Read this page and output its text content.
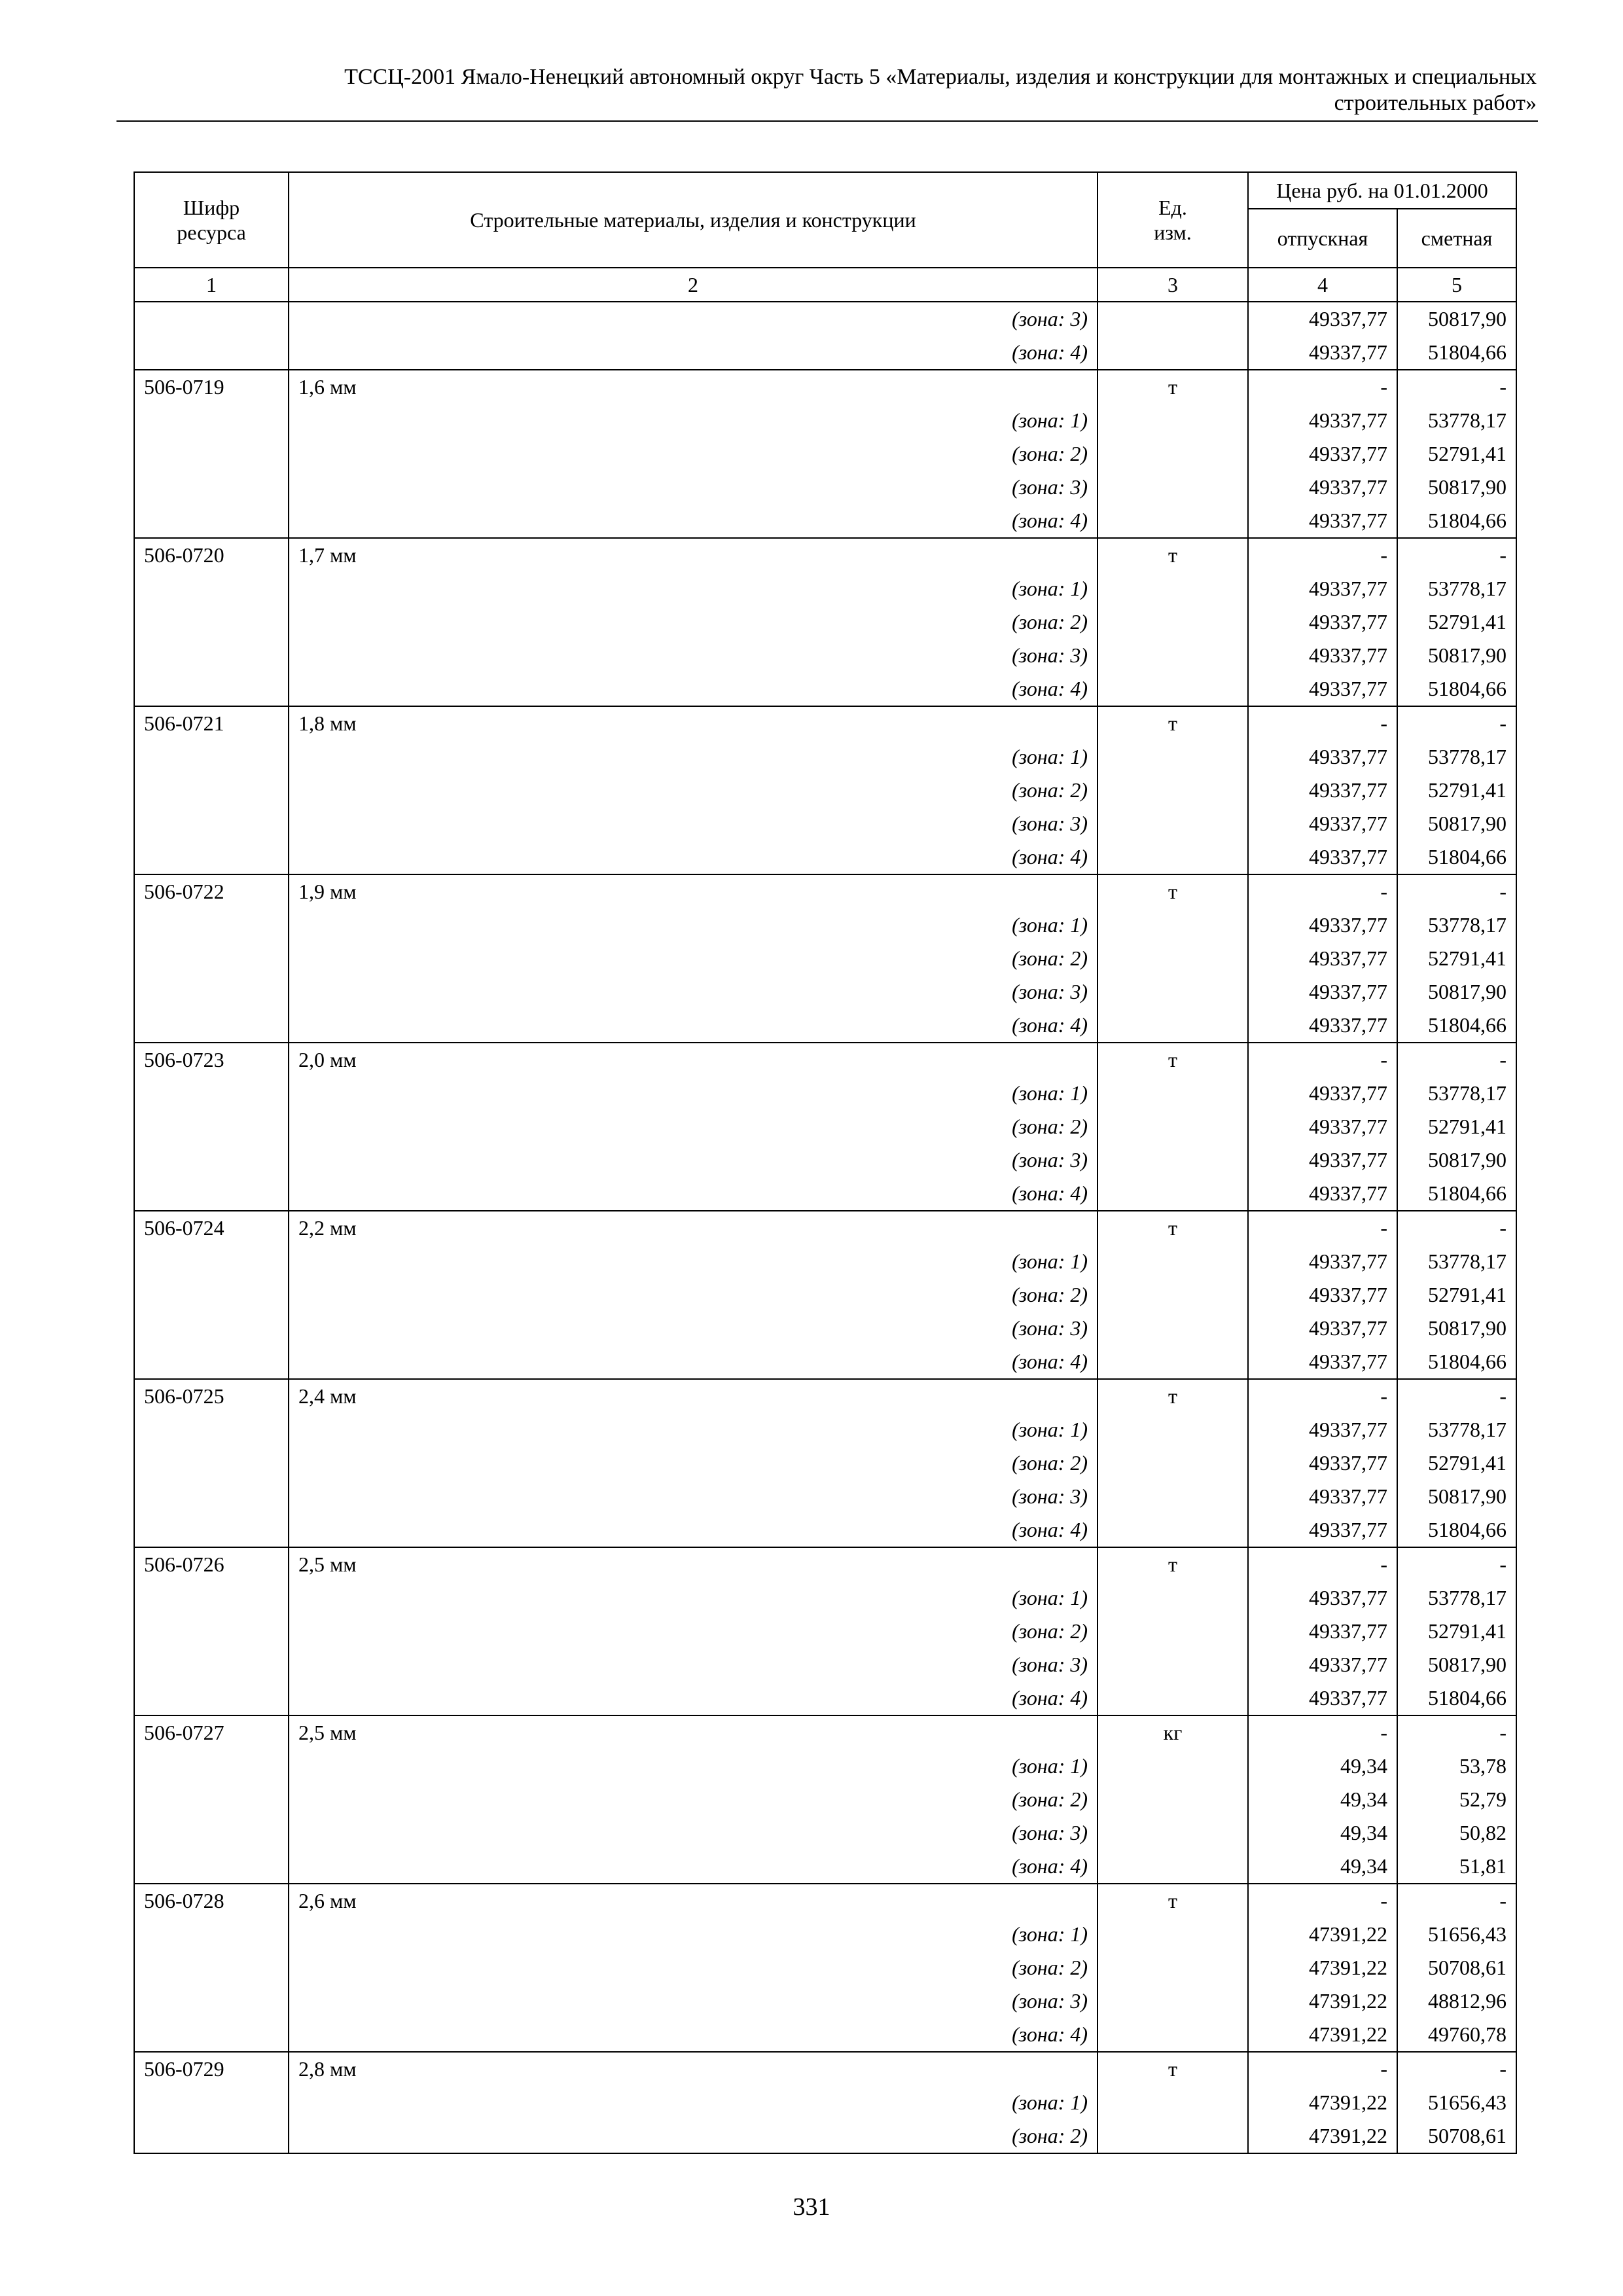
ТССЦ-2001 Ямало-Ненецкий автономный округ Часть 5 «Материалы, изделия и конструкции для монтажных и специальных
строительных работ»
Шифр ресурса	Строительные материалы, изделия и конструкции	Ед. изм.	Цена руб. на 01.01.2000	
			отпускная	сметная
1	2	3	4	5
	(зона: 3)		49337,77	50817,90
	(зона: 4)		49337,77	51804,66
506-0719	1,6 мм	т	-	-
	(зона: 1)		49337,77	53778,17
	(зона: 2)		49337,77	52791,41
	(зона: 3)		49337,77	50817,90
	(зона: 4)		49337,77	51804,66
506-0720	1,7 мм	т	-	-
	(зона: 1)		49337,77	53778,17
	(зона: 2)		49337,77	52791,41
	(зона: 3)		49337,77	50817,90
	(зона: 4)		49337,77	51804,66
506-0721	1,8 мм	т	-	-
	(зона: 1)		49337,77	53778,17
	(зона: 2)		49337,77	52791,41
	(зона: 3)		49337,77	50817,90
	(зона: 4)		49337,77	51804,66
506-0722	1,9 мм	т	-	-
	(зона: 1)		49337,77	53778,17
	(зона: 2)		49337,77	52791,41
	(зона: 3)		49337,77	50817,90
	(зона: 4)		49337,77	51804,66
506-0723	2,0 мм	т	-	-
	(зона: 1)		49337,77	53778,17
	(зона: 2)		49337,77	52791,41
	(зона: 3)		49337,77	50817,90
	(зона: 4)		49337,77	51804,66
506-0724	2,2 мм	т	-	-
	(зона: 1)		49337,77	53778,17
	(зона: 2)		49337,77	52791,41
	(зона: 3)		49337,77	50817,90
	(зона: 4)		49337,77	51804,66
506-0725	2,4 мм	т	-	-
	(зона: 1)		49337,77	53778,17
	(зона: 2)		49337,77	52791,41
	(зона: 3)		49337,77	50817,90
	(зона: 4)		49337,77	51804,66
506-0726	2,5 мм	т	-	-
	(зона: 1)		49337,77	53778,17
	(зона: 2)		49337,77	52791,41
	(зона: 3)		49337,77	50817,90
	(зона: 4)		49337,77	51804,66
506-0727	2,5 мм	кг	-	-
	(зона: 1)		49,34	53,78
	(зона: 2)		49,34	52,79
	(зона: 3)		49,34	50,82
	(зона: 4)		49,34	51,81
506-0728	2,6 мм	т	-	-
	(зона: 1)		47391,22	51656,43
	(зона: 2)		47391,22	50708,61
	(зона: 3)		47391,22	48812,96
	(зона: 4)		47391,22	49760,78
506-0729	2,8 мм	т	-	-
	(зона: 1)		47391,22	51656,43
	(зона: 2)		47391,22	50708,61
331
